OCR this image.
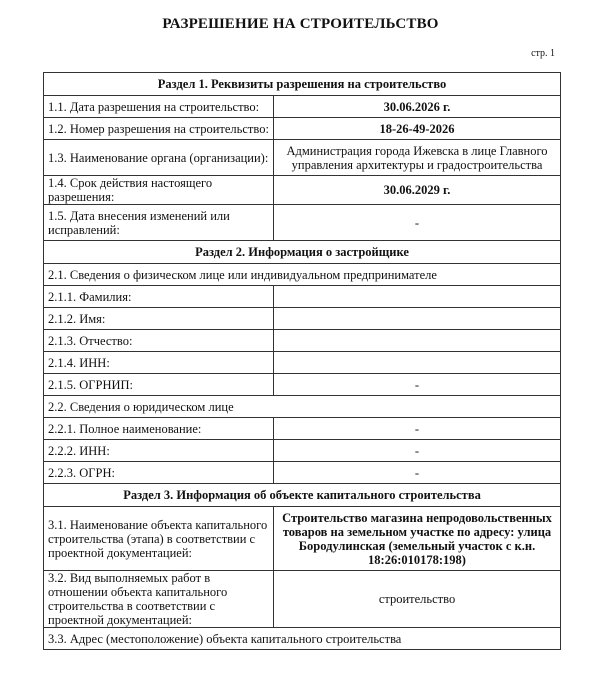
РАЗРЕШЕНИЕ НА СТРОИТЕЛЬСТВО
стр. 1
Раздел 1. Реквизиты разрешения на строительство	
1.1. Дата разрешения на строительство:	30.06.2026 г.
1.2. Номер разрешения на строительство:	18-26-49-2026
1.3. Наименование органа (организации):	Администрация города Ижевска в лице Главного управления архитектуры и градостроительства
1.4. Срок действия настоящего разрешения:	30.06.2029 г.
1.5. Дата внесения изменений или исправлений:	-
Раздел 2. Информация о застройщике	
2.1. Сведения о физическом лице или индивидуальном предпринимателе	
2.1.1. Фамилия:	
2.1.2. Имя:	
2.1.3. Отчество:	
2.1.4. ИНН:	
2.1.5. ОГРНИП:	-
2.2. Сведения о юридическом лице	
2.2.1. Полное наименование:	-
2.2.2. ИНН:	-
2.2.3. ОГРН:	-
Раздел 3. Информация об объекте капитального строительства	
3.1. Наименование объекта капитального строительства (этапа) в соответствии с проектной документацией:	Строительство магазина непродовольственных товаров на земельном участке по адресу: улица Бородулинская (земельный участок с к.н. 18:26:010178:198)
3.2. Вид выполняемых работ в отношении объекта капитального строительства в соответствии с проектной документацией:	строительство
3.3. Адрес (местоположение) объекта капитального строительства	
